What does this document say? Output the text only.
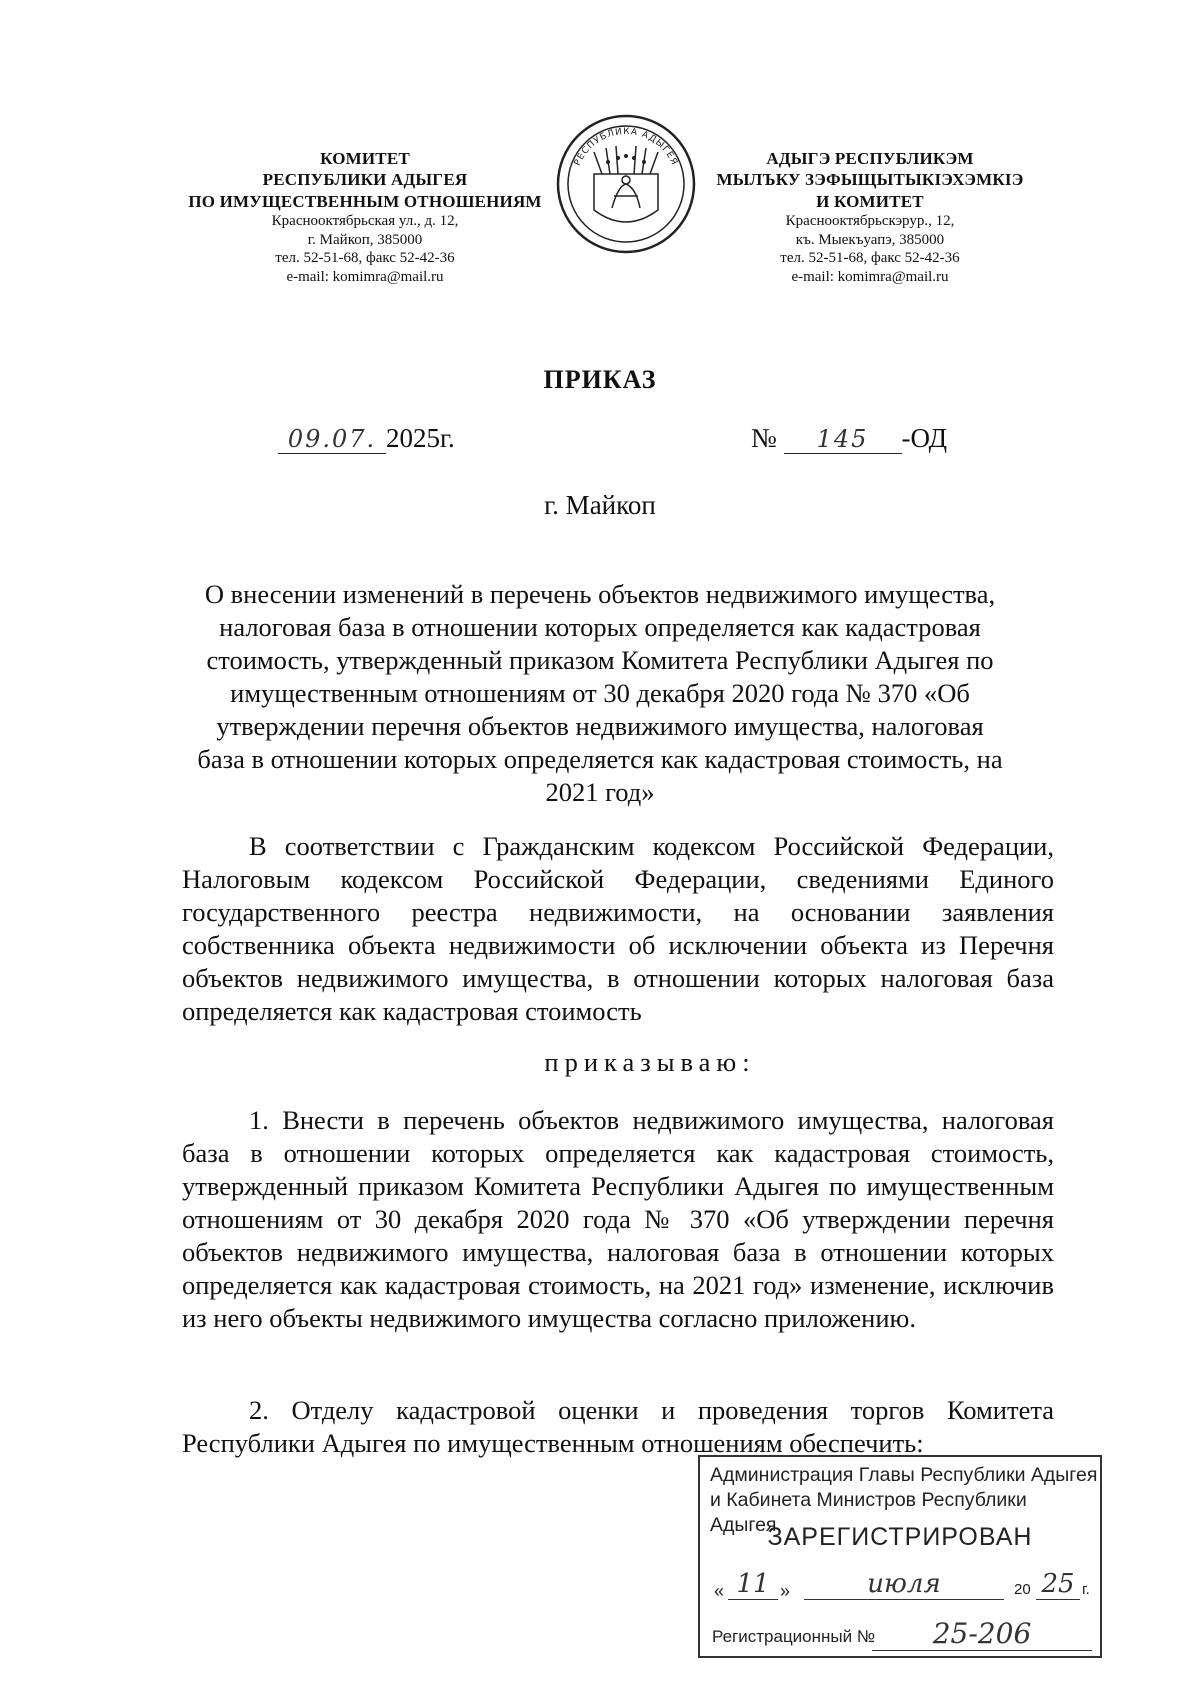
КОМИТЕТ
РЕСПУБЛИКИ АДЫГЕЯ
ПО ИМУЩЕСТВЕННЫМ ОТНОШЕНИЯМ
Краснооктябрьская ул., д. 12,
г. Майкоп, 385000
тел. 52-51-68, факс 52-42-36
e-mail: komimra@mail.ru
РЕСПУБЛИКА АДЫГЕЯ	АДЫГЭ РЕСПУБЛИКЭМ
МЫЛЪКУ ЗЭФЫЩЫТЫКIЭХЭМКIЭ
И КОМИТЕТ
Краснооктябрьскэрур., 12,
къ. Мыекъуапэ, 385000
тел. 52-51-68, факс 52-42-36
e-mail: komimra@mail.ru
ПРИКАЗ
09.07. 2025г.	№ 145 -ОД
г. Майкоп
О внесении изменений в перечень объектов недвижимого имущества, налоговая база в отношении которых определяется как кадастровая стоимость, утвержденный приказом Комитета Республики Адыгея по имущественным отношениям от 30 декабря 2020 года № 370 «Об утверждении перечня объектов недвижимого имущества, налоговая база в отношении которых определяется как кадастровая стоимость, на 2021 год»

В соответствии с Гражданским кодексом Российской Федерации, Налоговым кодексом Российской Федерации, сведениями Единого государственного реестра недвижимости, на основании заявления собственника объекта недвижимости об исключении объекта из Перечня объектов недвижимого имущества, в отношении которых налоговая база определяется как кадастровая стоимость

приказываю:

1. Внести в перечень объектов недвижимого имущества, налоговая база в отношении которых определяется как кадастровая стоимость, утвержденный приказом Комитета Республики Адыгея по имущественным отношениям от 30 декабря 2020 года № 370 «Об утверждении перечня объектов недвижимого имущества, налоговая база в отношении которых определяется как кадастровая стоимость, на 2021 год» изменение, исключив из него объекты недвижимого имущества согласно приложению.

2. Отделу кадастровой оценки и проведения торгов Комитета Республики Адыгея по имущественным отношениям обеспечить:

Администрация Главы Республики Адыгея
и Кабинета Министров Республики Адыгея
ЗАРЕГИСТРИРОВАН
« 11 »	июля	20 25 г.
Регистрационный №	25-206
